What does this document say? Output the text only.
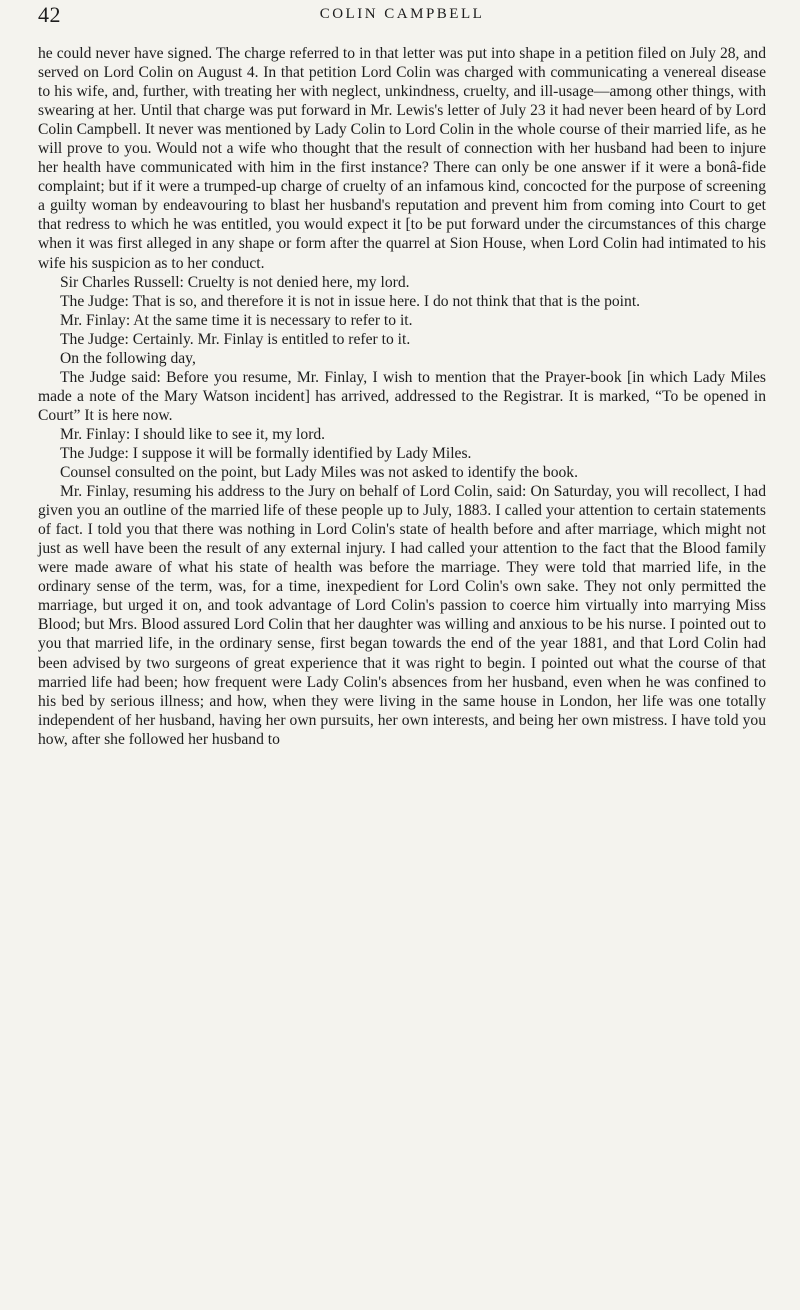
42	COLIN CAMPBELL

he could never have signed. The charge referred to in that letter was put into shape in a petition filed on July 28, and served on Lord Colin on August 4. In that petition Lord Colin was charged with communicating a venereal disease to his wife, and, further, with treating her with neglect, unkindness, cruelty, and ill-usage—among other things, with swearing at her. Until that charge was put forward in Mr. Lewis's letter of July 23 it had never been heard of by Lord Colin Campbell. It never was mentioned by Lady Colin to Lord Colin in the whole course of their married life, as he will prove to you. Would not a wife who thought that the result of connection with her husband had been to injure her health have communicated with him in the first instance? There can only be one answer if it were a bonâ-fide complaint; but if it were a trumped-up charge of cruelty of an infamous kind, concocted for the purpose of screening a guilty woman by endeavouring to blast her husband's reputation and prevent him from coming into Court to get that redress to which he was entitled, you would expect it [to be put forward under the circumstances of this charge when it was first alleged in any shape or form after the quarrel at Sion House, when Lord Colin had intimated to his wife his suspicion as to her conduct.

Sir Charles Russell: Cruelty is not denied here, my lord.

The Judge: That is so, and therefore it is not in issue here. I do not think that that is the point.

Mr. Finlay: At the same time it is necessary to refer to it.

The Judge: Certainly. Mr. Finlay is entitled to refer to it.

On the following day,

The Judge said: Before you resume, Mr. Finlay, I wish to mention that the Prayer-book [in which Lady Miles made a note of the Mary Watson incident] has arrived, addressed to the Registrar. It is marked, “To be opened in Court” It is here now.

Mr. Finlay: I should like to see it, my lord.

The Judge: I suppose it will be formally identified by Lady Miles.

Counsel consulted on the point, but Lady Miles was not asked to identify the book.

Mr. Finlay, resuming his address to the Jury on behalf of Lord Colin, said: On Saturday, you will recollect, I had given you an outline of the married life of these people up to July, 1883. I called your attention to certain statements of fact. I told you that there was nothing in Lord Colin's state of health before and after marriage, which might not just as well have been the result of any external injury. I had called your attention to the fact that the Blood family were made aware of what his state of health was before the marriage. They were told that married life, in the ordinary sense of the term, was, for a time, inexpedient for Lord Colin's own sake. They not only permitted the marriage, but urged it on, and took advantage of Lord Colin's passion to coerce him virtually into marrying Miss Blood; but Mrs. Blood assured Lord Colin that her daughter was willing and anxious to be his nurse. I pointed out to you that married life, in the ordinary sense, first began towards the end of the year 1881, and that Lord Colin had been advised by two surgeons of great experience that it was right to begin. I pointed out what the course of that married life had been; how frequent were Lady Colin's absences from her husband, even when he was confined to his bed by serious illness; and how, when they were living in the same house in London, her life was one totally independent of her husband, having her own pursuits, her own interests, and being her own mistress. I have told you how, after she followed her husband to
